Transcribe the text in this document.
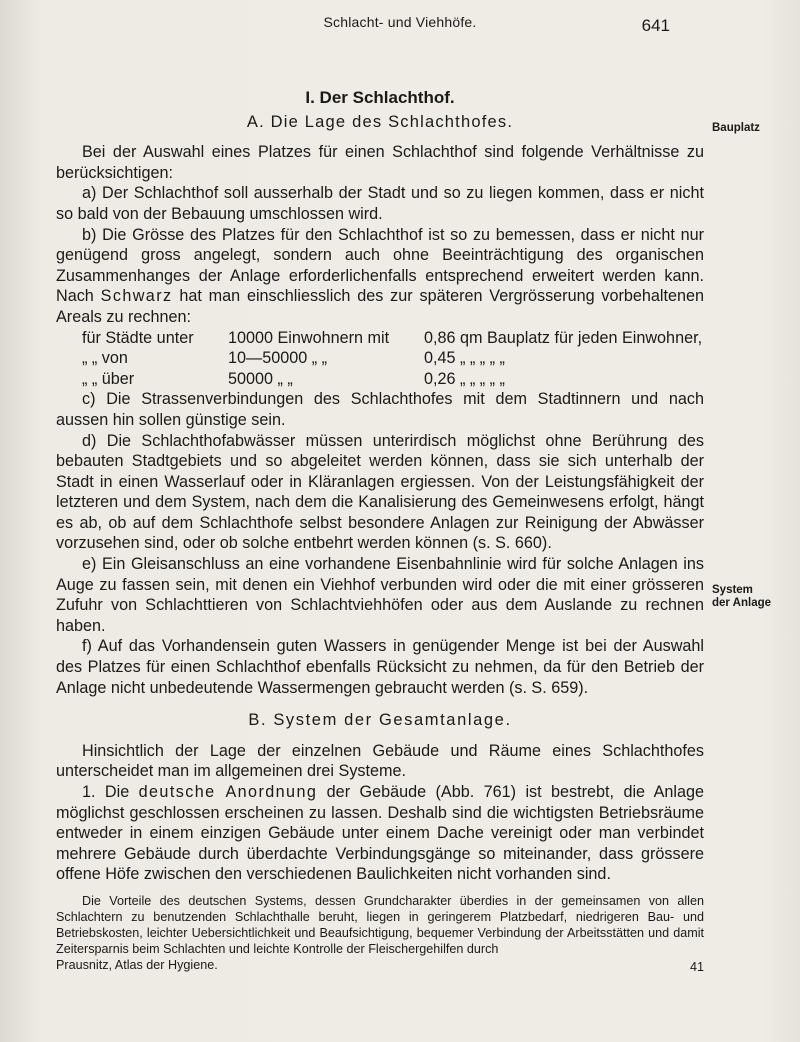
Schlacht- und Viehhöfe.	641
Bauplatz
System
der Anlage
I. Der Schlachthof.
A. Die Lage des Schlachthofes.

Bei der Auswahl eines Platzes für einen Schlachthof sind folgende Verhältnisse zu berücksichtigen:

a) Der Schlachthof soll ausserhalb der Stadt und so zu liegen kommen, dass er nicht so bald von der Bebauung umschlossen wird.

b) Die Grösse des Platzes für den Schlachthof ist so zu bemessen, dass er nicht nur genügend gross angelegt, sondern auch ohne Beeinträchtigung des organischen Zusammenhanges der Anlage erforderlichenfalls entsprechend erweitert werden kann. Nach Schwarz hat man einschliesslich des zur späteren Vergrösserung vorbehaltenen Areals zu rechnen:

für Städte unter	10000 Einwohnern mit	0,86 qm Bauplatz für jeden Einwohner,
„ „ von	10—50000 „ „	0,45 „ „ „ „ „
„ „ über	50000 „ „	0,26 „ „ „ „ „

c) Die Strassenverbindungen des Schlachthofes mit dem Stadtinnern und nach aussen hin sollen günstige sein.

d) Die Schlachthofabwässer müssen unterirdisch möglichst ohne Berührung des bebauten Stadtgebiets und so abgeleitet werden können, dass sie sich unterhalb der Stadt in einen Wasserlauf oder in Kläranlagen ergiessen. Von der Leistungsfähigkeit der letzteren und dem System, nach dem die Kanalisierung des Gemeinwesens erfolgt, hängt es ab, ob auf dem Schlachthofe selbst besondere Anlagen zur Reinigung der Abwässer vorzusehen sind, oder ob solche entbehrt werden können (s. S. 660).

e) Ein Gleisanschluss an eine vorhandene Eisenbahnlinie wird für solche Anlagen ins Auge zu fassen sein, mit denen ein Viehhof verbunden wird oder die mit einer grösseren Zufuhr von Schlachttieren von Schlachtviehhöfen oder aus dem Auslande zu rechnen haben.

f) Auf das Vorhandensein guten Wassers in genügender Menge ist bei der Auswahl des Platzes für einen Schlachthof ebenfalls Rücksicht zu nehmen, da für den Betrieb der Anlage nicht unbedeutende Wassermengen gebraucht werden (s. S. 659).

B. System der Gesamtanlage.

Hinsichtlich der Lage der einzelnen Gebäude und Räume eines Schlachthofes unterscheidet man im allgemeinen drei Systeme.

1. Die deutsche Anordnung der Gebäude (Abb. 761) ist bestrebt, die Anlage möglichst geschlossen erscheinen zu lassen. Deshalb sind die wichtigsten Betriebsräume entweder in einem einzigen Gebäude unter einem Dache vereinigt oder man verbindet mehrere Gebäude durch überdachte Verbindungsgänge so miteinander, dass grössere offene Höfe zwischen den verschiedenen Baulichkeiten nicht vorhanden sind.

Die Vorteile des deutschen Systems, dessen Grundcharakter überdies in der gemeinsamen von allen Schlachtern zu benutzenden Schlachthalle beruht, liegen in geringerem Platzbedarf, niedrigeren Bau- und Betriebskosten, leichter Uebersichtlichkeit und Beaufsichtigung, bequemer Verbindung der Arbeitsstätten und damit Zeitersparnis beim Schlachten und leichte Kontrolle der Fleischergehilfen durch

Prausnitz, Atlas der Hygiene.	41
